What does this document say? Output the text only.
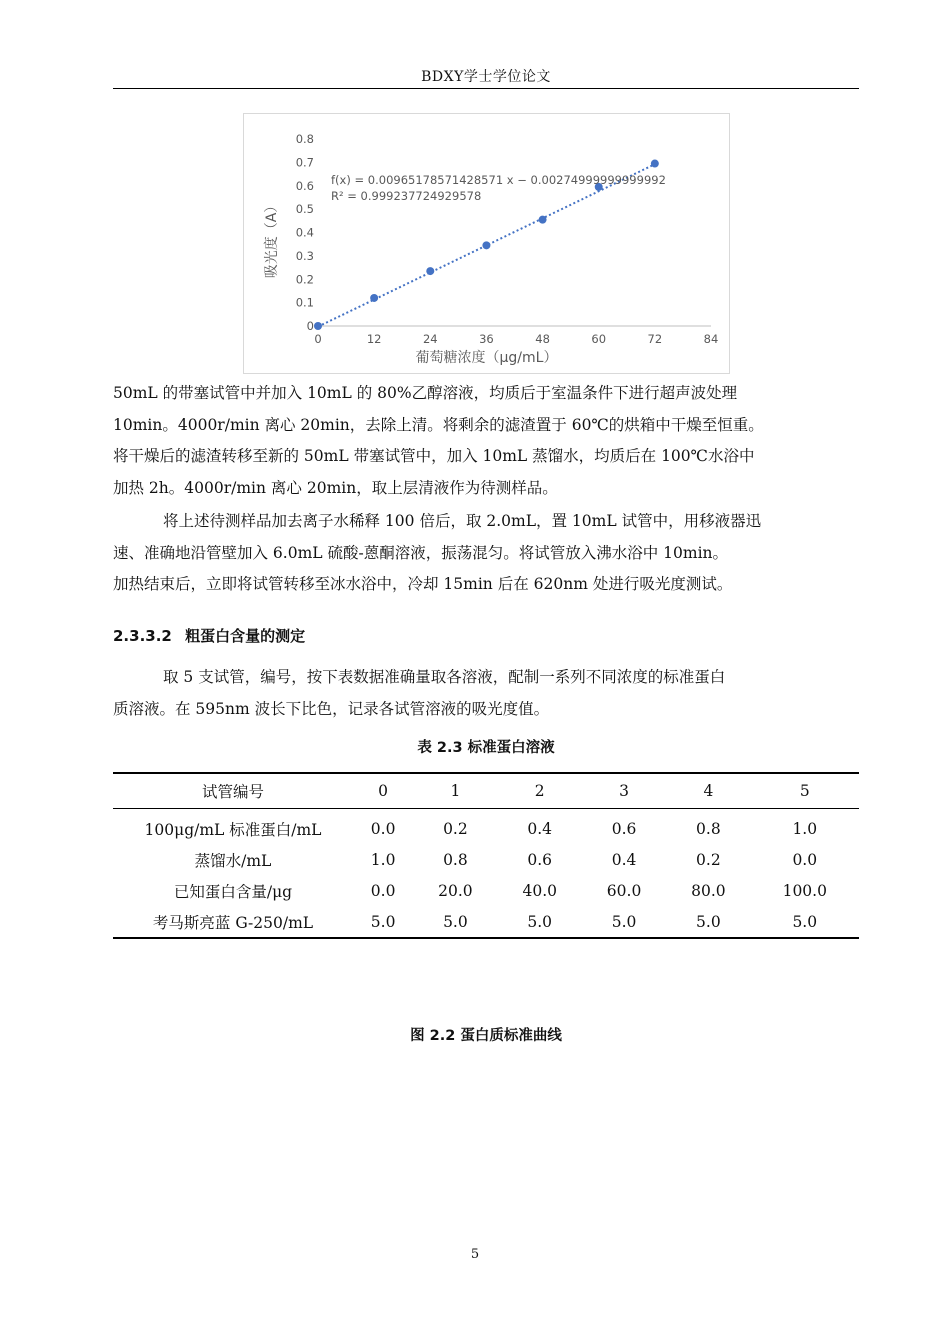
BDXY学士学位论文
0
0.1
0.2
0.3
0.4
0.5
0.6
0.7
0.8
0	12	24	36	48	60	72	84
f(x) = 0.00965178571428571 x − 0.00274999999999992
R² = 0.999237724929578
葡萄糖浓度（μg/mL）
吸光度（A）
50mL 的带塞试管中并加入 10mL 的 80%乙醇溶液，均质后于室温条件下进行超声波处理
10min。4000r/min 离心 20min，去除上清。将剩余的滤渣置于 60℃的烘箱中干燥至恒重。
将干燥后的滤渣转移至新的 50mL 带塞试管中，加入 10mL 蒸馏水，均质后在 100℃水浴中
加热 2h。4000r/min 离心 20min，取上层清液作为待测样品。
将上述待测样品加去离子水稀释 100 倍后，取 2.0mL，置 10mL 试管中，用移液器迅
速、准确地沿管壁加入 6.0mL 硫酸-蒽酮溶液，振荡混匀。将试管放入沸水浴中 10min。
加热结束后，立即将试管转移至冰水浴中，冷却 15min 后在 620nm 处进行吸光度测试。
2.3.3.2 粗蛋白含量的测定
取 5 支试管，编号，按下表数据准确量取各溶液，配制一系列不同浓度的标准蛋白
质溶液。在 595nm 波长下比色，记录各试管溶液的吸光度值。
表 2.3 标准蛋白溶液
试管编号	0	1	2	3	4	5
100μg/mL 标准蛋白/mL	0.0	0.2	0.4	0.6	0.8	1.0
蒸馏水/mL	1.0	0.8	0.6	0.4	0.2	0.0
已知蛋白含量/μg	0.0	20.0	40.0	60.0	80.0	100.0
考马斯亮蓝 G-250/mL	5.0	5.0	5.0	5.0	5.0	5.0
图 2.2 蛋白质标准曲线
5
